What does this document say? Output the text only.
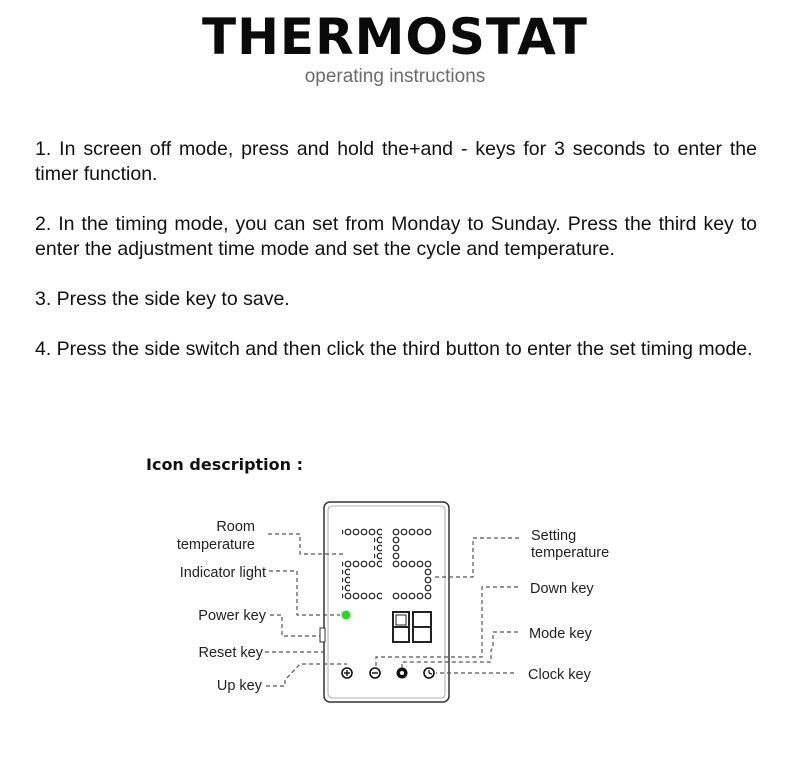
THERMOSTAT
operating instructions

1. In screen off mode, press and hold the+and - keys for 3 seconds to enter the timer function.

2. In the timing mode, you can set from Monday to Sunday. Press the third key to enter the adjustment time mode and set the cycle and temperature.

3. Press the side key to save.

4. Press the side switch and then click the third button to enter the set timing mode.

Icon description :
Room
temperature
Indicator light
Power key
Reset key
Up key
Setting
temperature
Down key
Mode key
Clock key
